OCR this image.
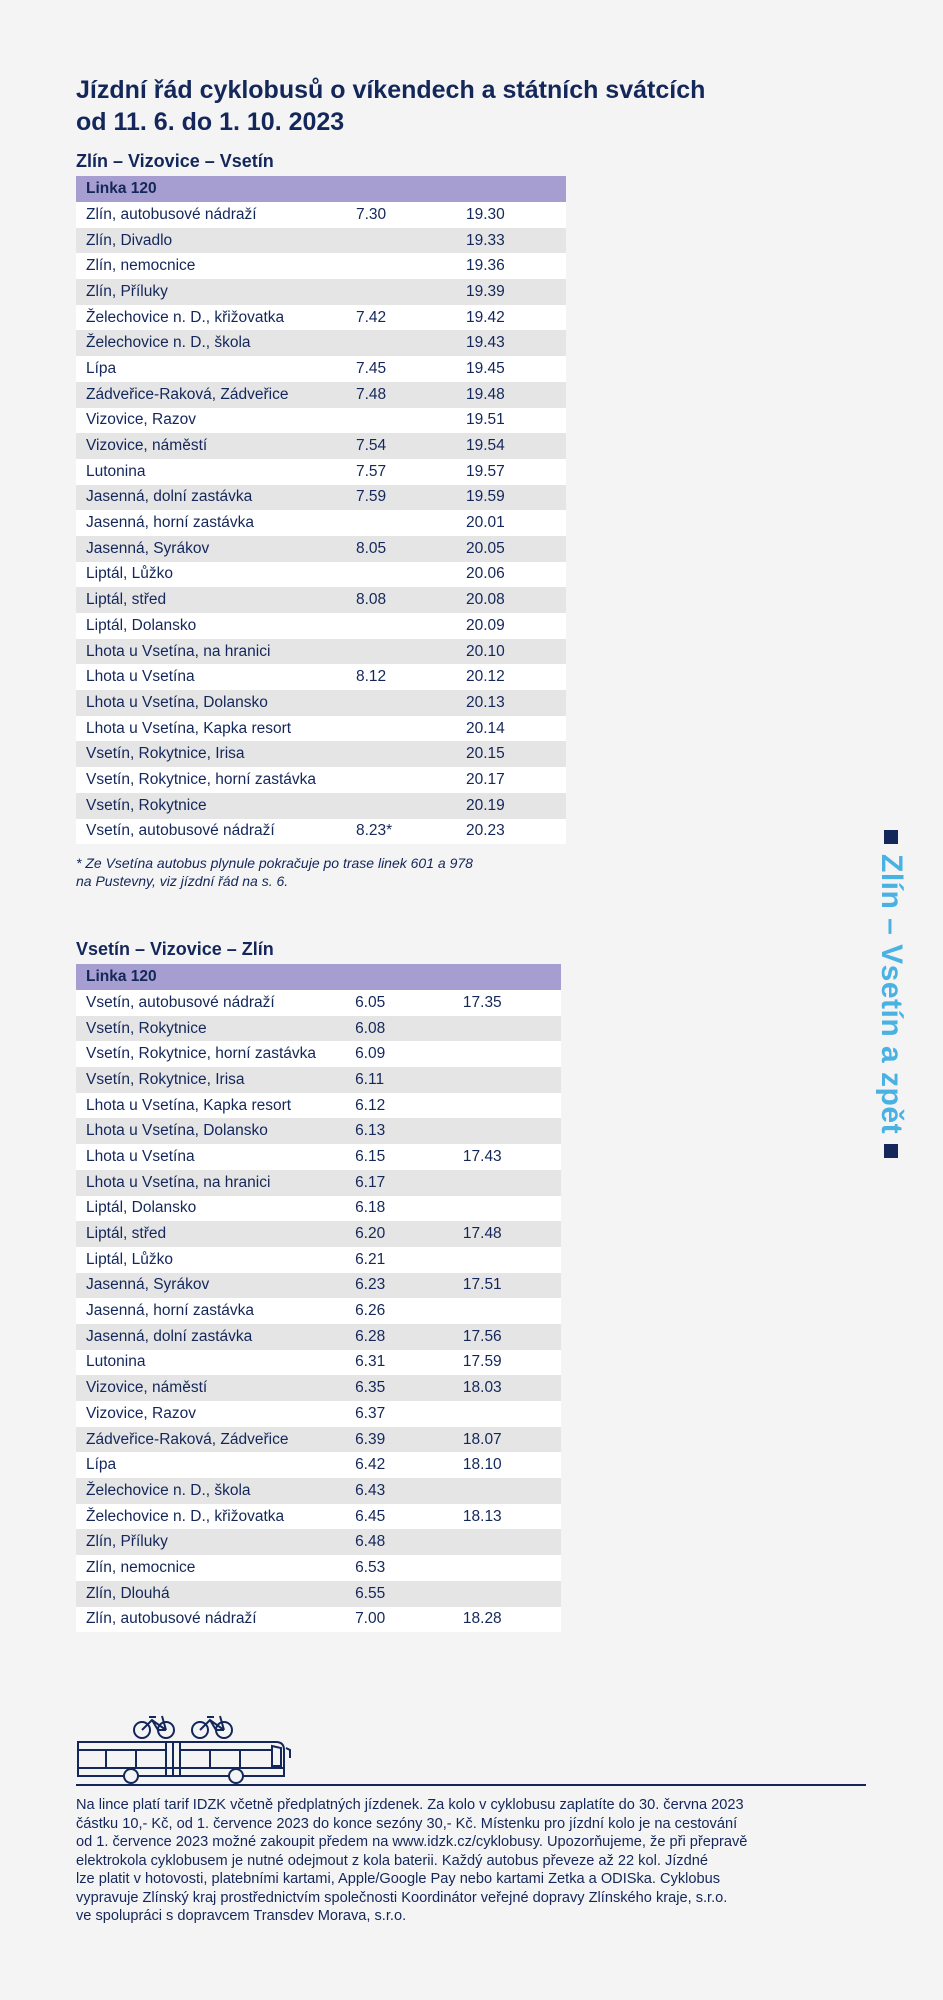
Jízdní řád cyklobusů o víkendech a státních svátcích
od 11. 6. do 1. 10. 2023
Zlín – Vizovice – Vsetín
Linka 120		
Zlín, autobusové nádraží	7.30	19.30
Zlín, Divadlo		19.33
Zlín, nemocnice		19.36
Zlín, Příluky		19.39
Želechovice n. D., křižovatka	7.42	19.42
Želechovice n. D., škola		19.43
Lípa	7.45	19.45
Zádveřice-Raková, Zádveřice	7.48	19.48
Vizovice, Razov		19.51
Vizovice, náměstí	7.54	19.54
Lutonina	7.57	19.57
Jasenná, dolní zastávka	7.59	19.59
Jasenná, horní zastávka		20.01
Jasenná, Syrákov	8.05	20.05
Liptál, Lůžko		20.06
Liptál, střed	8.08	20.08
Liptál, Dolansko		20.09
Lhota u Vsetína, na hranici		20.10
Lhota u Vsetína	8.12	20.12
Lhota u Vsetína, Dolansko		20.13
Lhota u Vsetína, Kapka resort		20.14
Vsetín, Rokytnice, Irisa		20.15
Vsetín, Rokytnice, horní zastávka		20.17
Vsetín, Rokytnice		20.19
Vsetín, autobusové nádraží	8.23*	20.23
* Ze Vsetína autobus plynule pokračuje po trase linek 601 a 978
na Pustevny, viz jízdní řád na s. 6.
Vsetín – Vizovice – Zlín
Linka 120		
Vsetín, autobusové nádraží	6.05	17.35
Vsetín, Rokytnice	6.08	
Vsetín, Rokytnice, horní zastávka	6.09	
Vsetín, Rokytnice, Irisa	6.11	
Lhota u Vsetína, Kapka resort	6.12	
Lhota u Vsetína, Dolansko	6.13	
Lhota u Vsetína	6.15	17.43
Lhota u Vsetína, na hranici	6.17	
Liptál, Dolansko	6.18	
Liptál, střed	6.20	17.48
Liptál, Lůžko	6.21	
Jasenná, Syrákov	6.23	17.51
Jasenná, horní zastávka	6.26	
Jasenná, dolní zastávka	6.28	17.56
Lutonina	6.31	17.59
Vizovice, náměstí	6.35	18.03
Vizovice, Razov	6.37	
Zádveřice-Raková, Zádveřice	6.39	18.07
Lípa	6.42	18.10
Želechovice n. D., škola	6.43	
Želechovice n. D., křižovatka	6.45	18.13
Zlín, Příluky	6.48	
Zlín, nemocnice	6.53	
Zlín, Dlouhá	6.55	
Zlín, autobusové nádraží	7.00	18.28
Zlín – Vsetín a zpět
Na lince platí tarif IDZK včetně předplatných jízdenek. Za kolo v cyklobusu zaplatíte do 30. června 2023
částku 10,- Kč, od 1. července 2023 do konce sezóny 30,- Kč. Místenku pro jízdní kolo je na cestování
od 1. července 2023 možné zakoupit předem na www.idzk.cz/cyklobusy. Upozorňujeme, že při přepravě
elektrokola cyklobusem je nutné odejmout z kola baterii. Každý autobus převeze až 22 kol. Jízdné
lze platit v hotovosti, platebními kartami, Apple/Google Pay nebo kartami Zetka a ODISka. Cyklobus
vypravuje Zlínský kraj prostřednictvím společnosti Koordinátor veřejné dopravy Zlínského kraje, s.r.o.
ve spolupráci s dopravcem Transdev Morava, s.r.o.
